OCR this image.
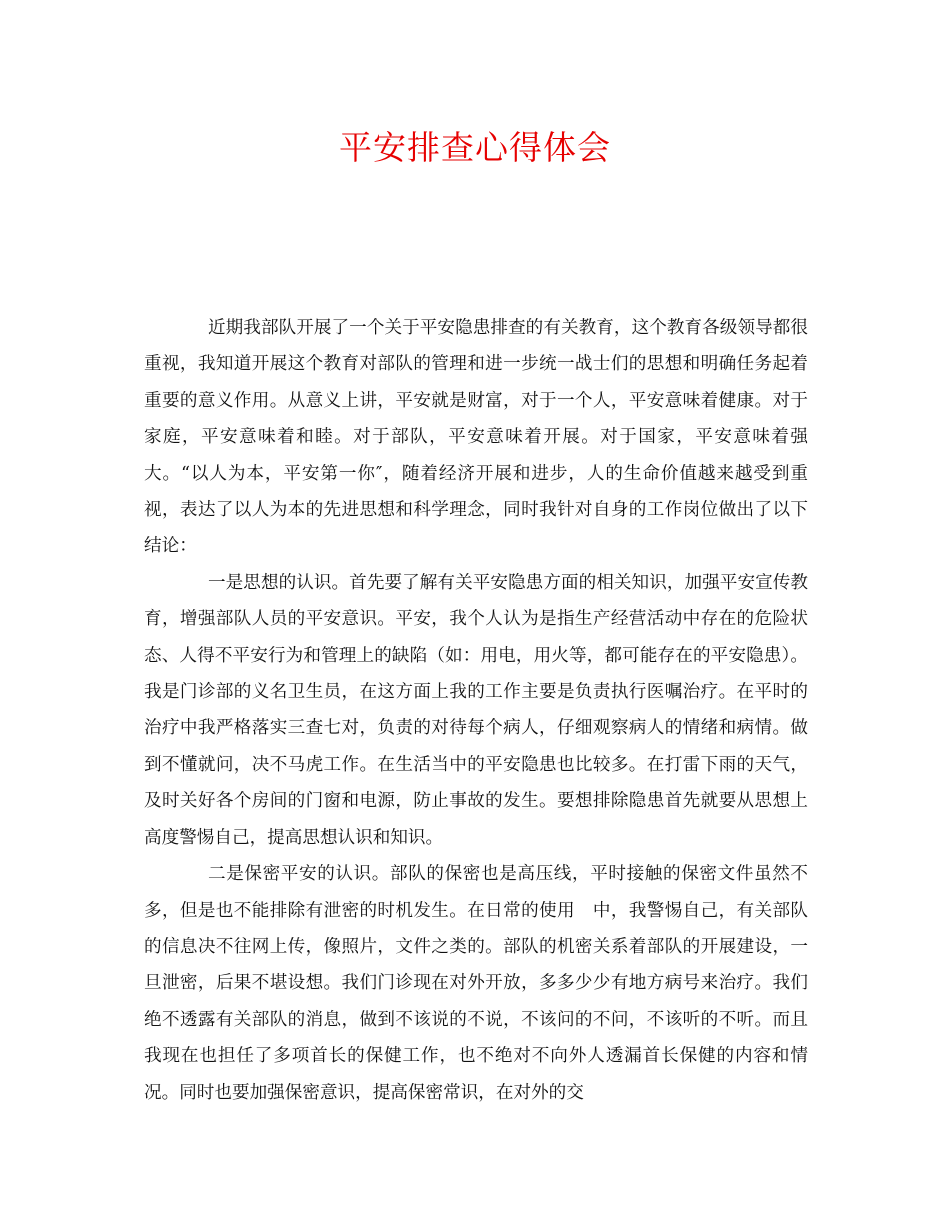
平安排查心得体会

近期我部队开展了一个关于平安隐患排查的有关教育，这个教育各级领导都很重视，我知道开展这个教育对部队的管理和进一步统一战士们的思想和明确任务起着重要的意义作用。从意义上讲，平安就是财富，对于一个人，平安意味着健康。对于家庭，平安意味着和睦。对于部队，平安意味着开展。对于国家，平安意味着强大。“以人为本，平安第一你″，随着经济开展和进步，人的生命价值越来越受到重视，表达了以人为本的先进思想和科学理念，同时我针对自身的工作岗位做出了以下结论：

一是思想的认识。首先要了解有关平安隐患方面的相关知识，加强平安宣传教育，增强部队人员的平安意识。平安，我个人认为是指生产经营活动中存在的危险状态、人得不平安行为和管理上的缺陷（如：用电，用火等，都可能存在的平安隐患）。我是门诊部的义名卫生员，在这方面上我的工作主要是负责执行医嘱治疗。在平时的治疗中我严格落实三查七对，负责的对待每个病人，仔细观察病人的情绪和病情。做到不懂就问，决不马虎工作。在生活当中的平安隐患也比较多。在打雷下雨的天气，及时关好各个房间的门窗和电源，防止事故的发生。要想排除隐患首先就要从思想上高度警惕自己，提高思想认识和知识。

二是保密平安的认识。部队的保密也是高压线，平时接触的保密文件虽然不多，但是也不能排除有泄密的时机发生。在日常的使用　中，我警惕自己，有关部队的信息决不往网上传，像照片，文件之类的。部队的机密关系着部队的开展建设，一旦泄密，后果不堪设想。我们门诊现在对外开放，多多少少有地方病号来治疗。我们绝不透露有关部队的消息，做到不该说的不说，不该问的不问，不该听的不听。而且我现在也担任了多项首长的保健工作，也不绝对不向外人透漏首长保健的内容和情况。同时也要加强保密意识，提高保密常识，在对外的交
